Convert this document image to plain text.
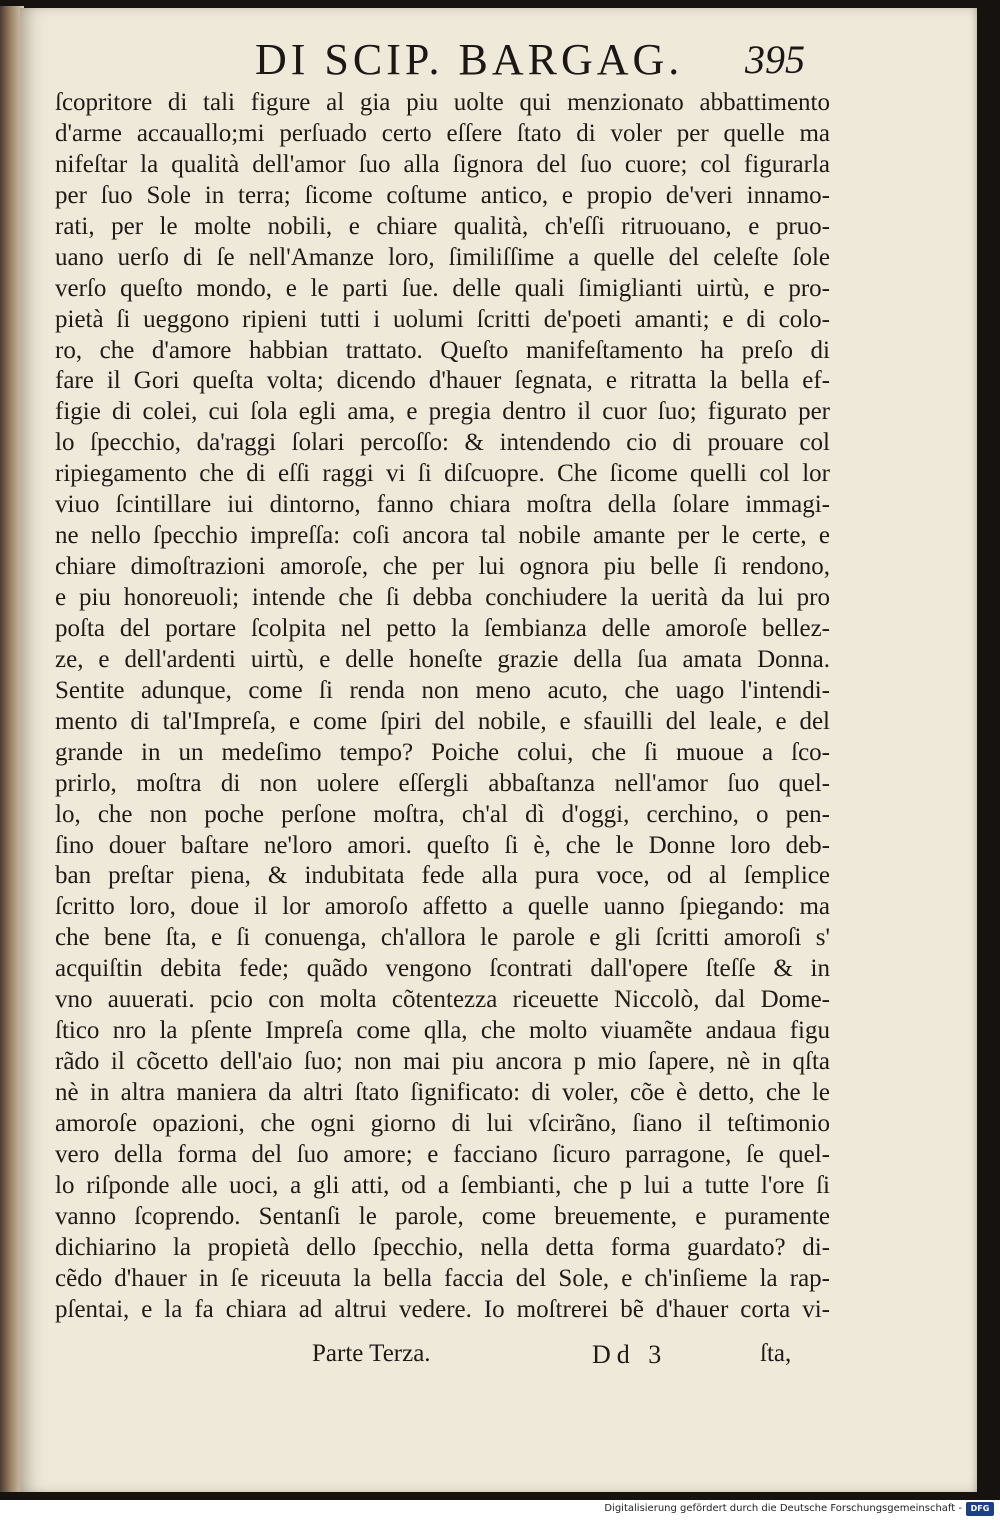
DI SCIP. BARGAG. 395
ſcopritore di tali figure al gia piu uolte qui menzionato abbattimento
d'arme accauallo;mi perſuado certo eſſere ſtato di voler per quelle ma
nifeſtar la qualità dell'amor ſuo alla ſignora del ſuo cuore; col figurarla
per ſuo Sole in terra; ſicome coſtume antico, e propio de'veri innamo-
rati, per le molte nobili, e chiare qualità, ch'eſſi ritruouano, e pruo-
uano uerſo di ſe nell'Amanze loro, ſimiliſſime a quelle del celeſte ſole
verſo queſto mondo, e le parti ſue. delle quali ſimiglianti uirtù, e pro-
pietà ſi ueggono ripieni tutti i uolumi ſcritti de'poeti amanti; e di colo-
ro, che d'amore habbian trattato. Queſto manifeſtamento ha preſo di
fare il Gori queſta volta; dicendo d'hauer ſegnata, e ritratta la bella ef-
figie di colei, cui ſola egli ama, e pregia dentro il cuor ſuo; figurato per
lo ſpecchio, da'raggi ſolari percoſſo: & intendendo cio di prouare col
ripiegamento che di eſſi raggi vi ſi diſcuopre. Che ſicome quelli col lor
viuo ſcintillare iui dintorno, fanno chiara moſtra della ſolare immagi-
ne nello ſpecchio impreſſa: coſi ancora tal nobile amante per le certe, e
chiare dimoſtrazioni amoroſe, che per lui ognora piu belle ſi rendono,
e piu honoreuoli; intende che ſi debba conchiudere la uerità da lui pro
poſta del portare ſcolpita nel petto la ſembianza delle amoroſe bellez-
ze, e dell'ardenti uirtù, e delle honeſte grazie della ſua amata Donna.
Sentite adunque, come ſi renda non meno acuto, che uago l'intendi-
mento di tal'Impreſa, e come ſpiri del nobile, e sfauilli del leale, e del
grande in un medeſimo tempo? Poiche colui, che ſi muoue a ſco-
prirlo, moſtra di non uolere eſſergli abbaſtanza nell'amor ſuo quel-
lo, che non poche perſone moſtra, ch'al dì d'oggi, cerchino, o pen-
ſino douer baſtare ne'loro amori. queſto ſi è, che le Donne loro deb-
ban preſtar piena, & indubitata fede alla pura voce, od al ſemplice
ſcritto loro, doue il lor amoroſo affetto a quelle uanno ſpiegando: ma
che bene ſta, e ſi conuenga, ch'allora le parole e gli ſcritti amoroſi s'
acquiſtin debita fede; quãdo vengono ſcontrati dall'opere ſteſſe & in
vno auuerati. pcio con molta cõtentezza riceuette Niccolò, dal Dome-
ſtico nro la pſente Impreſa come qlla, che molto viuamẽte andaua figu
rãdo il cõcetto dell'aio ſuo; non mai piu ancora p mio ſapere, nè in qſta
nè in altra maniera da altri ſtato ſignificato: di voler, cõe è detto, che le
amoroſe opazioni, che ogni giorno di lui vſcirãno, ſiano il teſtimonio
vero della forma del ſuo amore; e facciano ſicuro parragone, ſe quel-
lo riſponde alle uoci, a gli atti, od a ſembianti, che p lui a tutte l'ore ſi
vanno ſcoprendo. Sentanſi le parole, come breuemente, e puramente
dichiarino la propietà dello ſpecchio, nella detta forma guardato? di-
cẽdo d'hauer in ſe riceuuta la bella faccia del Sole, e ch'inſieme la rap-
pſentai, e la fa chiara ad altrui vedere. Io moſtrerei bẽ d'hauer corta vi-
Parte Terza.	Dd 3	ſta,
Digitalisierung gefördert durch die Deutsche Forschungsgemeinschaft -	DFG
